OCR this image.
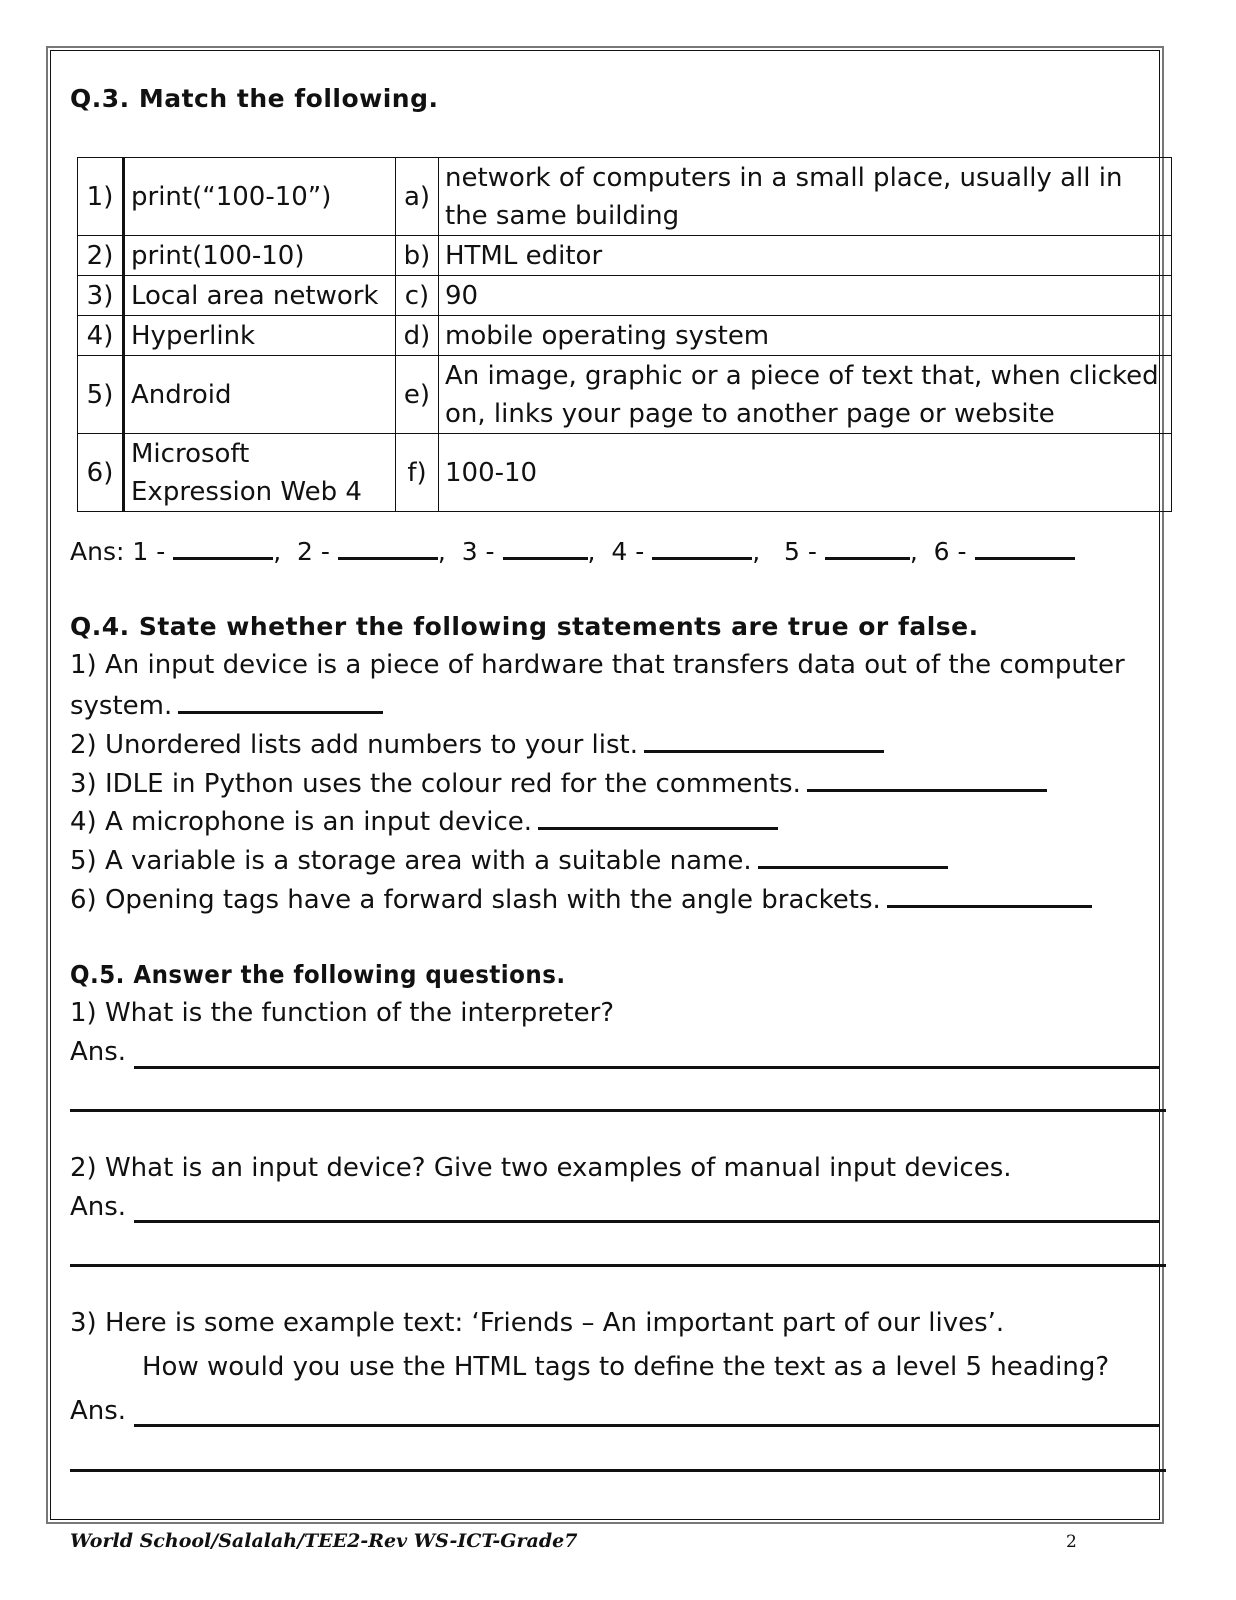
Q.3. Match the following.
1)	print(“100-10”)	a)	network of computers in a small place, usually all in the same building
2)	print(100-10)	b)	HTML editor
3)	Local area network	c)	90
4)	Hyperlink	d)	mobile operating system
5)	Android	e)	An image, graphic or a piece of text that, when clicked on, links your page to another page or website
6)	Microsoft Expression Web 4	f)	100-10
Ans: 1 -	,  2 -	,  3 -	,  4 -	,   5 -	,  6 -
Q.4. State whether the following statements are true or false.
1) An input device is a piece of hardware that transfers data out of the computer
system.
2) Unordered lists add numbers to your list.
3) IDLE in Python uses the colour red for the comments.
4) A microphone is an input device.
5) A variable is a storage area with a suitable name.
6) Opening tags have a forward slash with the angle brackets.
Q.5. Answer the following questions.
1) What is the function of the interpreter?
Ans.
2) What is an input device? Give two examples of manual input devices.
Ans.
3) Here is some example text: ‘Friends – An important part of our lives’.
How would you use the HTML tags to define the text as a level 5 heading?
Ans.
World School/Salalah/TEE2-Rev WS-ICT-Grade7	2
